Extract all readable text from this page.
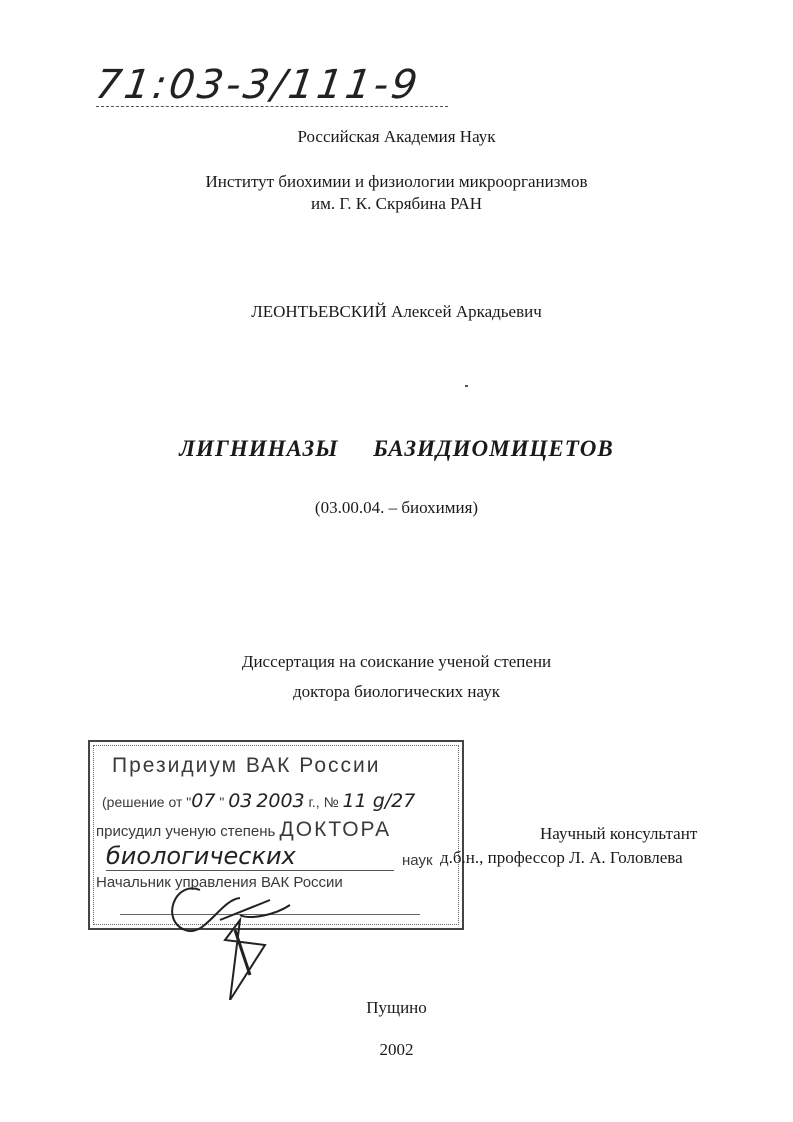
71:03-3/111-9
Российская Академия Наук
Институт биохимии и физиологии микроорганизмов
им. Г. К. Скрябина РАН
ЛЕОНТЬЕВСКИЙ Алексей Аркадьевич
ЛИГНИНАЗЫ БАЗИДИОМИЦЕТОВ
(03.00.04. – биохимия)
Диссертация на соискание ученой степени
доктора биологических наук
Президиум ВАК России
(решение от "07 " 03 2003 г., № 11 g/27
присудил ученую степень ДОКТОРА
биологических	наук
Начальник управления ВАК России
Научный консультант
д.б.н., профессор Л. А. Головлева
Пущино
2002
